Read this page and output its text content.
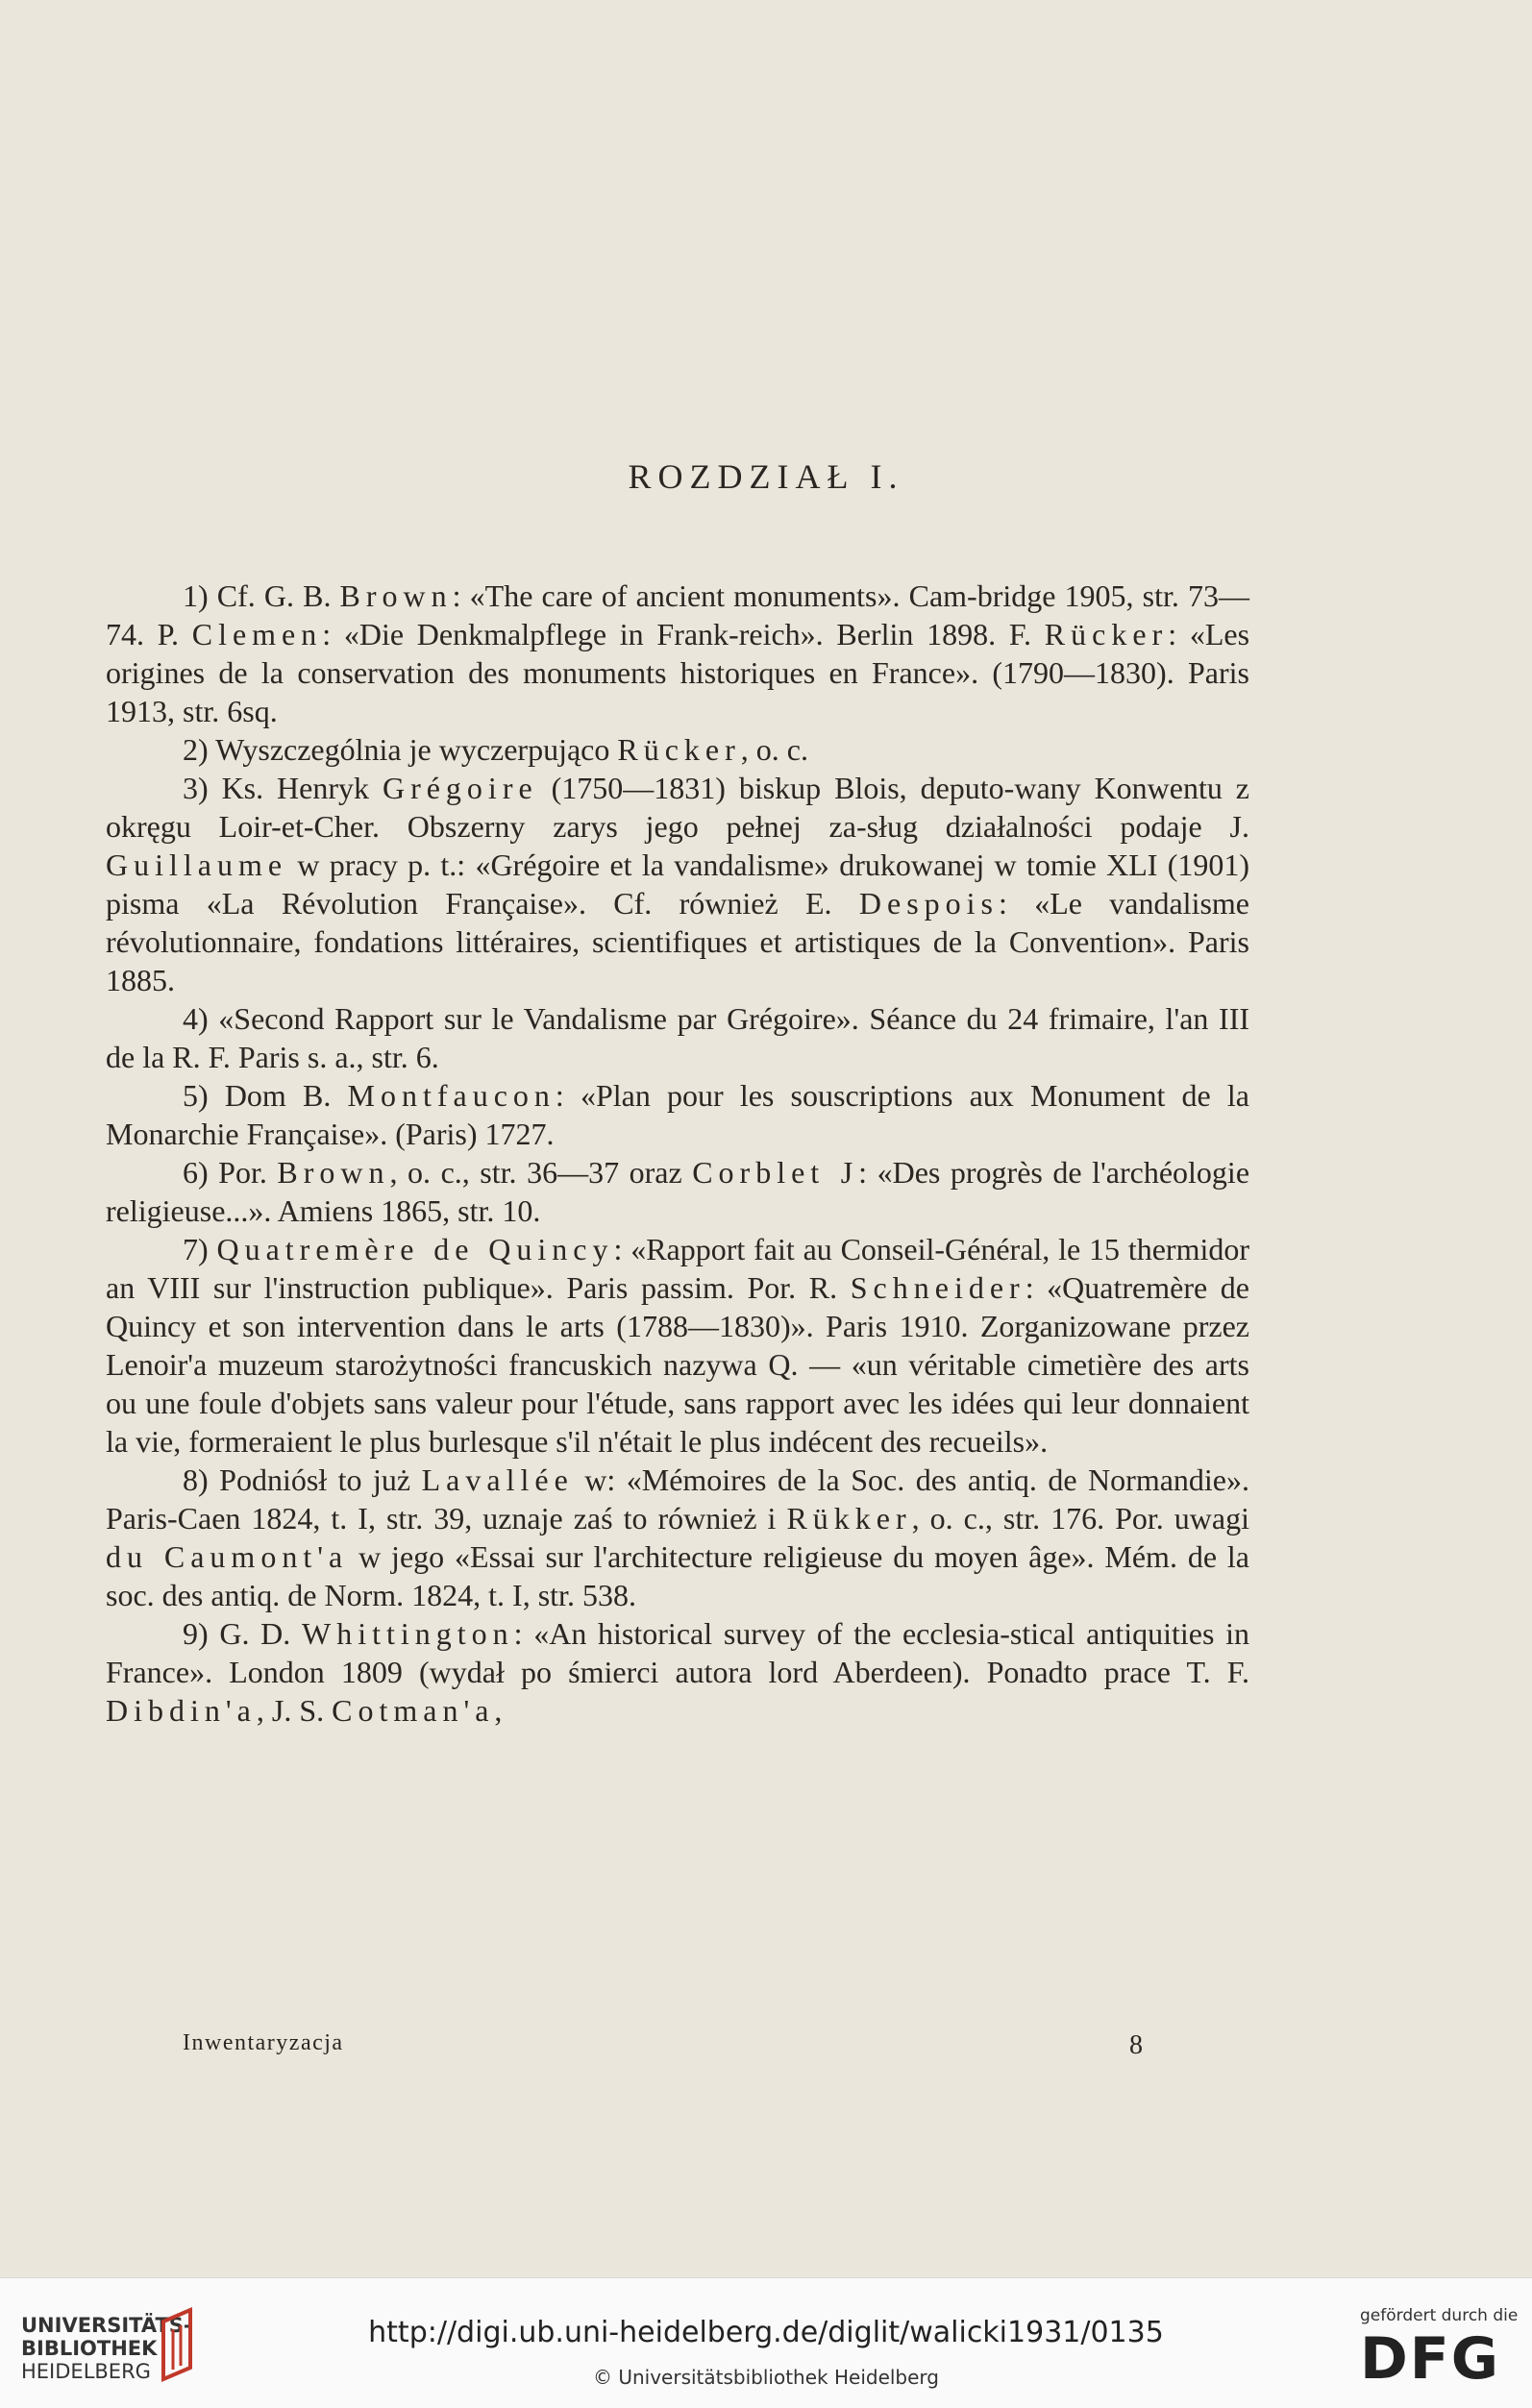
ROZDZIAŁ I.

1) Cf. G. B. Brown: «The care of ancient monuments». Cam-bridge 1905, str. 73—74. P. Clemen: «Die Denkmalpflege in Frank-reich». Berlin 1898. F. Rücker: «Les origines de la conservation des monuments historiques en France». (1790—1830). Paris 1913, str. 6sq.

2) Wyszczególnia je wyczerpująco Rücker, o. c.

3) Ks. Henryk Grégoire (1750—1831) biskup Blois, deputo-wany Konwentu z okręgu Loir-et-Cher. Obszerny zarys jego pełnej za-sług działalności podaje J. Guillaume w pracy p. t.: «Grégoire et la vandalisme» drukowanej w tomie XLI (1901) pisma «La Révolution Française». Cf. również E. Despois: «Le vandalisme révolutionnaire, fondations littéraires, scientifiques et artistiques de la Convention». Paris 1885.

4) «Second Rapport sur le Vandalisme par Grégoire». Séance du 24 frimaire, l'an III de la R. F. Paris s. a., str. 6.

5) Dom B. Montfaucon: «Plan pour les souscriptions aux Monument de la Monarchie Française». (Paris) 1727.

6) Por. Brown, o. c., str. 36—37 oraz Corblet J: «Des progrès de l'archéologie religieuse...». Amiens 1865, str. 10.

7) Quatremère de Quincy: «Rapport fait au Conseil-Général, le 15 thermidor an VIII sur l'instruction publique». Paris passim. Por. R. Schneider: «Quatremère de Quincy et son intervention dans le arts (1788—1830)». Paris 1910. Zorganizowane przez Lenoir'a muzeum starożytności francuskich nazywa Q. — «un véritable cimetière des arts ou une foule d'objets sans valeur pour l'étude, sans rapport avec les idées qui leur donnaient la vie, formeraient le plus burlesque s'il n'était le plus indécent des recueils».

8) Podniósł to już Lavallée w: «Mémoires de la Soc. des antiq. de Normandie». Paris-Caen 1824, t. I, str. 39, uznaje zaś to również i Rükker, o. c., str. 176. Por. uwagi du Caumont'a w jego «Essai sur l'architecture religieuse du moyen âge». Mém. de la soc. des antiq. de Norm. 1824, t. I, str. 538.

9) G. D. Whittington: «An historical survey of the ecclesia-stical antiquities in France». London 1809 (wydał po śmierci autora lord Aberdeen). Ponadto prace T. F. Dibdin'a, J. S. Cotman'a,

Inwentaryzacja	8
UNIVERSITÄTS-
BIBLIOTHEK
HEIDELBERG
http://digi.ub.uni-heidelberg.de/diglit/walicki1931/0135
© Universitätsbibliothek Heidelberg
gefördert durch die
DFG
